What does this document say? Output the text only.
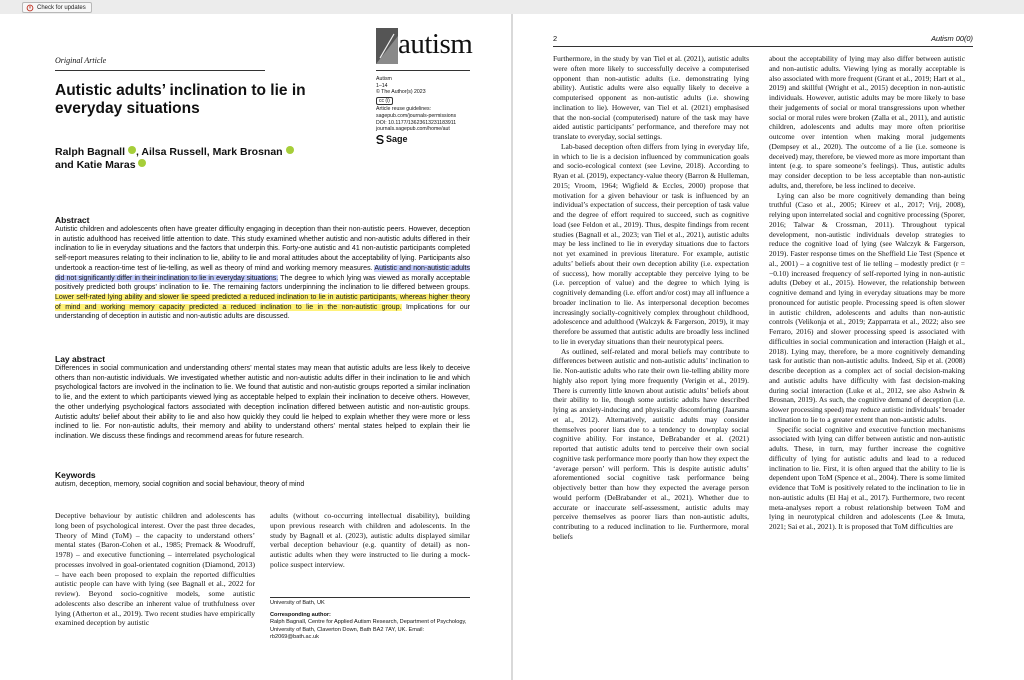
Check for updates
Original Article
autism
Autism
1–14
© The Author(s) 2023
cc (i)
Article reuse guidelines:
sagepub.com/journals-permissions
DOI: 10.1177/13623613231183911
journals.sagepub.com/home/aut
Sage
Autistic adults’ inclination to lie in everyday situations
Ralph Bagnall , Ailsa Russell, Mark Brosnan
and Katie Maras
Abstract
Autistic children and adolescents often have greater difficulty engaging in deception than their non-autistic peers. However, deception in autistic adulthood has received little attention to date. This study examined whether autistic and non-autistic adults differed in their inclination to lie in everyday situations and the factors that underpin this. Forty-one autistic and 41 non-autistic participants completed self-report measures relating to their inclination to lie, ability to lie and moral attitudes about the acceptability of lying. Participants also undertook a reaction-time test of lie-telling, as well as theory of mind and working memory measures. Autistic and non-autistic adults did not significantly differ in their inclination to lie in everyday situations. The degree to which lying was viewed as morally acceptable positively predicted both groups’ inclination to lie. The remaining factors underpinning the inclination to lie differed between groups. Lower self-rated lying ability and slower lie speed predicted a reduced inclination to lie in autistic participants, whereas higher theory of mind and working memory capacity predicted a reduced inclination to lie in the non-autistic group. Implications for our understanding of deception in autistic and non-autistic adults are discussed.
Lay abstract
Differences in social communication and understanding others’ mental states may mean that autistic adults are less likely to deceive others than non-autistic individuals. We investigated whether autistic and non-autistic adults differ in their inclination to lie and which psychological factors are involved in the inclination to lie. We found that autistic and non-autistic groups reported a similar inclination to lie, and the extent to which participants viewed lying as acceptable helped to explain their inclination to deceive others. However, the other underlying psychological factors associated with deception inclination differed between autistic and non-autistic groups. Autistic adults’ belief about their ability to lie and also how quickly they could lie helped to explain whether they were more or less inclined to lie. For non-autistic adults, their memory and ability to understand others’ mental states helped to explain their lie inclination. We discuss these findings and recommend areas for future research.
Keywords
autism, deception, memory, social cognition and social behaviour, theory of mind
Deceptive behaviour by autistic children and adolescents has long been of psychological interest. Over the past three decades, Theory of Mind (ToM) – the capacity to understand others’ mental states (Baron-Cohen et al., 1985; Premack & Woodruff, 1978) – and executive functioning – interrelated psychological processes involved in goal-orientated cognition (Diamond, 2013) – have each been proposed to explain the reported difficulties autistic people can have with lying (see Bagnall et al., 2022 for review). Beyond socio-cognitive models, some autistic adolescents also describe an inherent value of truthfulness over lying (Atherton et al., 2019). Two recent studies have empirically examined deception by autistic
adults (without co-occurring intellectual disability), building upon previous research with children and adolescents. In the study by Bagnall et al. (2023), autistic adults displayed similar verbal deception behaviour (e.g. quantity of detail) as non-autistic adults when they were instructed to lie during a mock-police suspect interview.
University of Bath, UK
Corresponding author:
Ralph Bagnall, Centre for Applied Autism Research, Department of Psychology, University of Bath, Claverton Down, Bath BA2 7AY, UK. Email: rb2069@bath.ac.uk
2	Autism 00(0)

Furthermore, in the study by van Tiel et al. (2021), autistic adults were often more likely to successfully deceive a computerised opponent than non-autistic adults (i.e. demonstrating lying ability). Autistic adults were also equally likely to deceive a computerised opponent as non-autistic adults (i.e. showing inclination to lie). However, van Tiel et al. (2021) emphasised that the non-social (computerised) nature of the task may have aided autistic participants’ performance, and therefore may not translate to everyday, social settings.

Lab-based deception often differs from lying in everyday life, in which to lie is a decision influenced by communication goals and socio-ecological context (see Levine, 2018). According to Ryan et al. (2019), expectancy-value theory (Barron & Hulleman, 2015; Vroom, 1964; Wigfield & Eccles, 2000) propose that motivation for a given behaviour or task is influenced by an individual’s expectation of success, their perception of task value and the degree of effort required to succeed, such as cognitive load (see Feldon et al., 2019). Thus, despite findings from recent studies (Bagnall et al., 2023; van Tiel et al., 2021), autistic adults may be less inclined to lie in everyday situations due to factors not yet examined in previous literature. For example, autistic adults’ beliefs about their own deception ability (i.e. expectation of success), how morally acceptable they perceive lying to be (i.e. perception of value) and the degree to which lying is cognitively demanding (i.e. effort and/or cost) may all influence a broader inclination to lie. As interpersonal deception becomes increasingly socially-cognitively complex throughout childhood, adolescence and adulthood (Walczyk & Fargerson, 2019), it may therefore be assumed that autistic adults are broadly less inclined to lie in everyday situations than their neurotypical peers.

As outlined, self-related and moral beliefs may contribute to differences between autistic and non-autistic adults’ inclination to lie. Non-autistic adults who rate their own lie-telling ability more highly also report lying more frequently (Verigin et al., 2019). There is currently little known about autistic adults’ beliefs about their ability to lie, though some autistic adults have described lying as anxiety-inducing and physically discomforting (Jaarsma et al., 2012). Alternatively, autistic adults may consider themselves poorer liars due to a tendency to downplay social cognitive ability. For instance, DeBrabander et al. (2021) reported that autistic adults tend to perceive their own social cognitive task performance more poorly than how they expect the ‘average person’ will perform. This is despite autistic adults’ aforementioned social cognitive task performance being objectively better than how they expected the average person would perform (DeBrabander et al., 2021). Whether due to accurate or inaccurate self-assessment, autistic adults may perceive themselves as poorer liars than non-autistic adults, contributing to a reduced inclination to lie. Furthermore, moral beliefs

about the acceptability of lying may also differ between autistic and non-autistic adults. Viewing lying as morally acceptable is also associated with more frequent (Grant et al., 2019; Hart et al., 2019) and skillful (Wright et al., 2015) deception in non-autistic individuals. However, autistic adults may be more likely to base their judgements of social or moral transgressions upon whether social or moral rules were broken (Zalla et al., 2011), and autistic children, adolescents and adults may more often prioritise outcome over intention when making moral judgements (Dempsey et al., 2020). The outcome of a lie (i.e. someone is deceived) may, therefore, be viewed more as more important than intent (e.g. to spare someone’s feelings). Thus, autistic adults may consider deception to be less acceptable than non-autistic adults, and, therefore, be less inclined to deceive.

Lying can also be more cognitively demanding than being truthful (Caso et al., 2005; Kireev et al., 2017; Vrij, 2008), relying upon interrelated social and cognitive processing (Sporer, 2016; Talwar & Crossman, 2011). Throughout typical development, non-autistic individuals develop strategies to reduce the cognitive load of lying (see Walczyk & Fargerson, 2019). Faster response times on the Sheffield Lie Test (Spence et al., 2001) – a cognitive test of lie telling – modestly predict (r = −0.10) increased frequency of self-reported lying in non-autistic adults (Debey et al., 2015). However, the relationship between cognitive demand and lying in everyday situations may be more pronounced for autistic people. Processing speed is often slower in autistic children, adolescents and adults than non-autistic controls (Velikonja et al., 2019; Zapparrata et al., 2022; also see Ferraro, 2016) and slower processing speed is associated with difficulties in social communication and interaction (Haigh et al., 2018). Lying may, therefore, be a more cognitively demanding task for autistic than non-autistic adults. Indeed, Sip et al. (2008) describe deception as a complex act of social decision-making and autistic adults have difficulty with fast decision-making during social interaction (Luke et al., 2012, see also Ashwin & Brosnan, 2019). As such, the cognitive demand of deception (i.e. slower processing speed) may reduce autistic individuals’ broader inclination to lie to a greater extent than non-autistic adults.

Specific social cognitive and executive function mechanisms associated with lying can differ between autistic and non-autistic adults. These, in turn, may further increase the cognitive difficulty of lying for autistic adults and lead to a reduced inclination to lie. First, it is often argued that the ability to lie is dependent upon ToM (Spence et al., 2004). There is some limited evidence that ToM is positively related to the inclination to lie in non-autistic adults (El Haj et al., 2017). Furthermore, two recent meta-analyses report a robust relationship between ToM and lying in neurotypical children and adolescents (Lee & Imuta, 2021; Sai et al., 2021). It is proposed that ToM difficulties are
